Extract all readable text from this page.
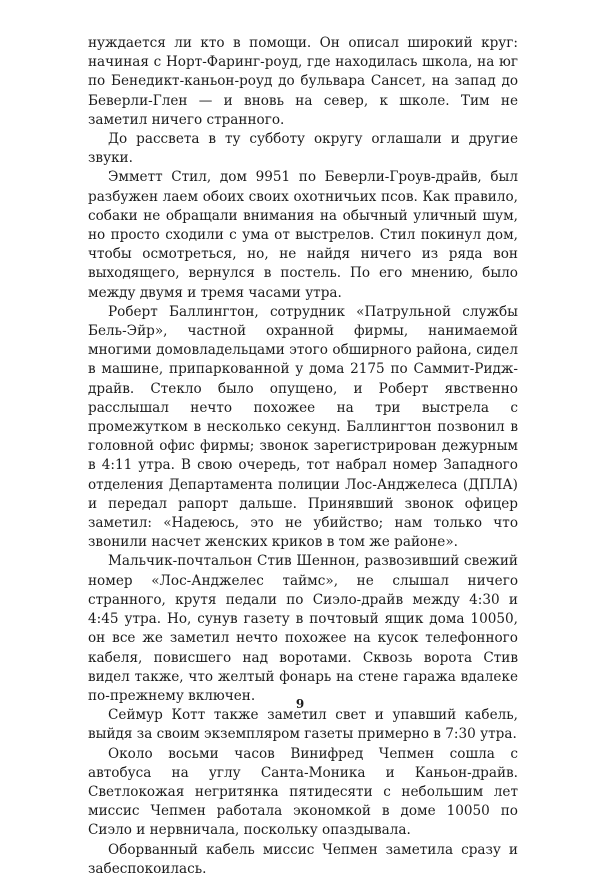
нуждается ли кто в помощи. Он описал широкий круг: начиная с Норт-Фаринг-роуд, где находилась школа, на юг по Бенедикт-каньон-роуд до бульвара Сансет, на запад до Беверли-Глен — и вновь на север, к школе. Тим не заметил ничего странного.

До рассвета в ту субботу округу оглашали и другие звуки.

Эмметт Стил, дом 9951 по Беверли-Гроув-драйв, был разбужен лаем обоих своих охотничьих псов. Как правило, собаки не обращали внимания на обычный уличный шум, но просто сходили с ума от выстрелов. Стил покинул дом, чтобы осмотреться, но, не найдя ничего из ряда вон выходящего, вернулся в постель. По его мнению, было между двумя и тремя часами утра.

Роберт Баллингтон, сотрудник «Патрульной службы Бель-Эйр», частной охранной фирмы, нанимаемой многими домовладельцами этого обширного района, сидел в машине, припаркованной у дома 2175 по Саммит-Ридж-драйв. Стекло было опущено, и Роберт явственно расслышал нечто похожее на три выстрела с промежутком в несколько секунд. Баллингтон позвонил в головной офис фирмы; звонок зарегистрирован дежурным в 4:11 утра. В свою очередь, тот набрал номер Западного отделения Департамента полиции Лос-Анджелеса (ДПЛА) и передал рапорт дальше. Принявший звонок офицер заметил: «Надеюсь, это не убийство; нам только что звонили насчет женских криков в том же районе».

Мальчик-почтальон Стив Шеннон, развозивший свежий номер «Лос-Анджелес таймс», не слышал ничего странного, крутя педали по Сиэло-драйв между 4:30 и 4:45 утра. Но, сунув газету в почтовый ящик дома 10050, он все же заметил нечто похожее на кусок телефонного кабеля, повисшего над воротами. Сквозь ворота Стив видел также, что желтый фонарь на стене гаража вдалеке по-прежнему включен.

Сеймур Котт также заметил свет и упавший кабель, выйдя за своим экземпляром газеты примерно в 7:30 утра.

Около восьми часов Винифред Чепмен сошла с автобуса на углу Санта-Моника и Каньон-драйв. Светлокожая негритянка пятидесяти с небольшим лет миссис Чепмен работала экономкой в доме 10050 по Сиэло и нервничала, поскольку опаздывала.

Оборванный кабель миссис Чепмен заметила сразу и забеспокоилась.

9
